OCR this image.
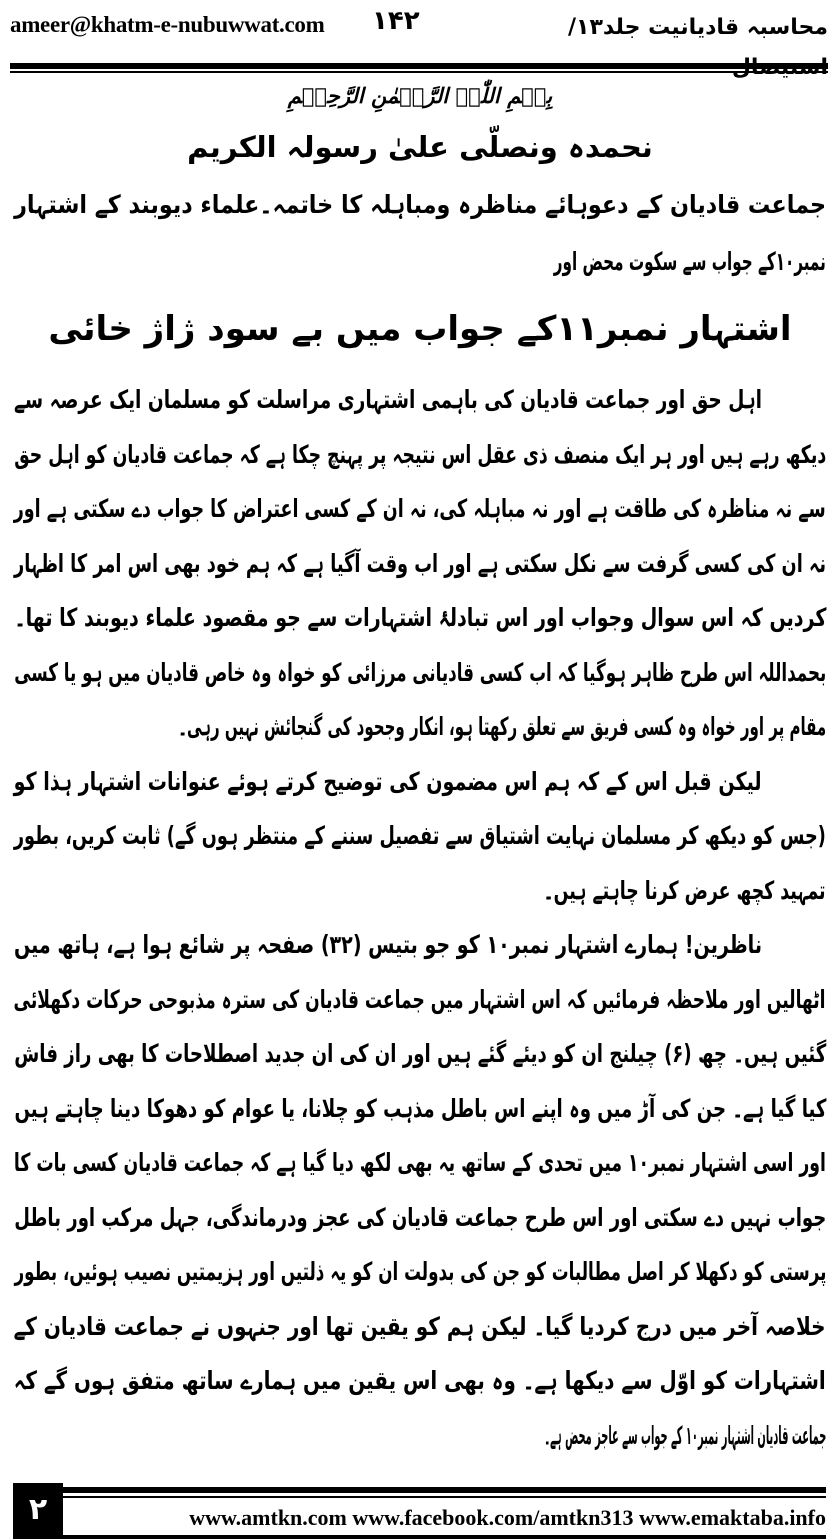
ameer@khatm-e-nubuwwat.com ۱۴۲	محاسبہ قادیانیت جلد۱۳/
بِسۡمِ اللّٰہِ الرَّحۡمٰنِ الرَّحِیۡمِ
نحمدہ ونصلّی علیٰ رسولہ الکریم
جماعت قادیان کے دعوہائے مناظرہ ومباہلہ کا خاتمہ۔علماء دیوبند کے اشتہار
نمبر۱۰کے جواب سے سکوت محض اور
اشتہار نمبر۱۱کے جواب میں بے سود ژاژ خائی
اہل حق اور جماعت قادیان کی باہمی اشتہاری مراسلت کو مسلمان ایک عرصہ سے
دیکھ رہے ہیں اور ہر ایک منصف ذی عقل اس نتیجہ پر پہنچ چکا ہے کہ جماعت قادیان کو اہل حق
سے نہ مناظرہ کی طاقت ہے اور نہ مباہلہ کی، نہ ان کے کسی اعتراض کا جواب دے سکتی ہے اور
نہ ان کی کسی گرفت سے نکل سکتی ہے اور اب وقت آگیا ہے کہ ہم خود بھی اس امر کا اظہار
کردیں کہ اس سوال وجواب اور اس تبادلۂ اشتہارات سے جو مقصود علماء دیوبند کا تھا۔
بحمداللہ اس طرح ظاہر ہوگیا کہ اب کسی قادیانی مرزائی کو خواہ وہ خاص قادیان میں ہو یا کسی
مقام پر اور خواہ وہ کسی فریق سے تعلق رکھتا ہو، انکار وجحود کی گنجائش نہیں رہی۔
لیکن قبل اس کے کہ ہم اس مضمون کی توضیح کرتے ہوئے عنوانات اشتہار ہذا کو
(جس کو دیکھ کر مسلمان نہایت اشتیاق سے تفصیل سننے کے منتظر ہوں گے) ثابت کریں، بطور
تمہید کچھ عرض کرنا چاہتے ہیں۔
ناظرین! ہمارے اشتہار نمبر۱۰ کو جو بتیس (۳۲) صفحہ پر شائع ہوا ہے، ہاتھ میں
اٹھالیں اور ملاحظہ فرمائیں کہ اس اشتہار میں جماعت قادیان کی سترہ مذبوحی حرکات دکھلائی
گئیں ہیں۔ چھ (۶) چیلنج ان کو دیئے گئے ہیں اور ان کی ان جدید اصطلاحات کا بھی راز فاش
کیا گیا ہے۔ جن کی آڑ میں وہ اپنے اس باطل مذہب کو چلانا، یا عوام کو دھوکا دینا چاہتے ہیں
اور اسی اشتہار نمبر۱۰ میں تحدی کے ساتھ یہ بھی لکھ دیا گیا ہے کہ جماعت قادیان کسی بات کا
جواب نہیں دے سکتی اور اس طرح جماعت قادیان کی عجز ودرماندگی، جہل مرکب اور باطل
پرستی کو دکھلا کر اصل مطالبات کو جن کی بدولت ان کو یہ ذلتیں اور ہزیمتیں نصیب ہوئیں، بطور
خلاصہ آخر میں درج کردیا گیا۔ لیکن ہم کو یقین تھا اور جنہوں نے جماعت قادیان کے
اشتہارات کو اوّل سے دیکھا ہے۔ وہ بھی اس یقین میں ہمارے ساتھ متفق ہوں گے کہ
جماعت قادیان اشتہار نمبر۱۰ کے جواب سے عاجز محض ہے۔
۲	www.amtkn.com www.facebook.com/amtkn313 www.emaktaba.info
